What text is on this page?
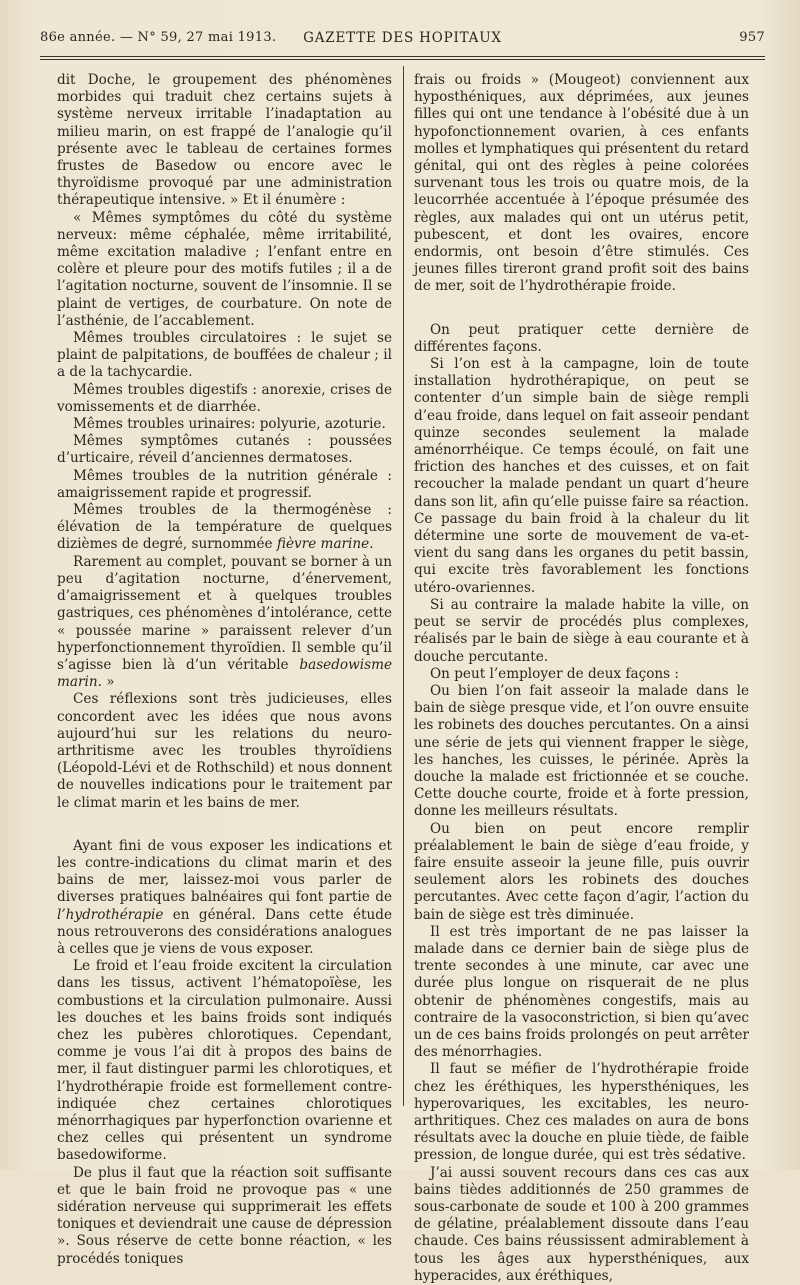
86e année. — N° 59, 27 mai 1913.	GAZETTE DES HOPITAUX	957

dit Doche, le groupement des phénomènes morbides qui traduit chez certains sujets à système nerveux irritable l’inadaptation au milieu marin, on est frappé de l’analogie qu’il présente avec le tableau de certaines formes frustes de Basedow ou encore avec le thyroïdisme provoqué par une administration thérapeutique intensive. » Et il énumère :

« Mêmes symptômes du côté du système nerveux: même céphalée, même irritabilité, même excitation maladive ; l’enfant entre en colère et pleure pour des motifs futiles ; il a de l’agitation nocturne, souvent de l’insomnie. Il se plaint de vertiges, de courbature. On note de l’asthénie, de l’accablement.

Mêmes troubles circulatoires : le sujet se plaint de palpitations, de bouffées de chaleur ; il a de la tachycardie.

Mêmes troubles digestifs : anorexie, crises de vomissements et de diarrhée.

Mêmes troubles urinaires: polyurie, azoturie.

Mêmes symptômes cutanés : poussées d’urticaire, réveil d’anciennes dermatoses.

Mêmes troubles de la nutrition générale : amaigrissement rapide et progressif.

Mêmes troubles de la thermogénèse : élévation de la température de quelques dizièmes de degré, surnommée fièvre marine.

Rarement au complet, pouvant se borner à un peu d’agitation nocturne, d’énervement, d’amaigrissement et à quelques troubles gastriques, ces phénomènes d’intolérance, cette « poussée marine » paraissent relever d’un hyperfonctionnement thyroïdien. Il semble qu’il s’agisse bien là d’un véritable basedowisme marin. »

Ces réflexions sont très judicieuses, elles concordent avec les idées que nous avons aujourd’hui sur les relations du neuro-arthritisme avec les troubles thyroïdiens (Léopold-Lévi et de Rothschild) et nous donnent de nouvelles indications pour le traitement par le climat marin et les bains de mer.

Ayant fini de vous exposer les indications et les contre-indications du climat marin et des bains de mer, laissez-moi vous parler de diverses pratiques balnéaires qui font partie de l’hydrothérapie en général. Dans cette étude nous retrouverons des considérations analogues à celles que je viens de vous exposer.

Le froid et l’eau froide excitent la circulation dans les tissus, activent l’hématopoïèse, les combustions et la circulation pulmonaire. Aussi les douches et les bains froids sont indiqués chez les pubères chlorotiques. Cependant, comme je vous l’ai dit à propos des bains de mer, il faut distinguer parmi les chlorotiques, et l’hydrothérapie froide est formellement contre-indiquée chez certaines chlorotiques ménorrhagiques par hyperfonction ovarienne et chez celles qui présentent un syndrome basedowiforme.

De plus il faut que la réaction soit suffisante et que le bain froid ne provoque pas « une sidération nerveuse qui supprimerait les effets toniques et deviendrait une cause de dépression ». Sous réserve de cette bonne réaction, « les procédés toniques

frais ou froids » (Mougeot) conviennent aux hyposthéniques, aux déprimées, aux jeunes filles qui ont une tendance à l’obésité due à un hypofonctionnement ovarien, à ces enfants molles et lymphatiques qui présentent du retard génital, qui ont des règles à peine colorées survenant tous les trois ou quatre mois, de la leucorrhée accentuée à l’époque présumée des règles, aux malades qui ont un utérus petit, pubescent, et dont les ovaires, encore endormis, ont besoin d’être stimulés. Ces jeunes filles tireront grand profit soit des bains de mer, soit de l’hydrothérapie froide.

On peut pratiquer cette dernière de différentes façons.

Si l’on est à la campagne, loin de toute installation hydrothérapique, on peut se contenter d’un simple bain de siège rempli d’eau froide, dans lequel on fait asseoir pendant quinze secondes seulement la malade aménorrhéique. Ce temps écoulé, on fait une friction des hanches et des cuisses, et on fait recoucher la malade pendant un quart d’heure dans son lit, afin qu’elle puisse faire sa réaction. Ce passage du bain froid à la chaleur du lit détermine une sorte de mouvement de va-et-vient du sang dans les organes du petit bassin, qui excite très favorablement les fonctions utéro-ovariennes.

Si au contraire la malade habite la ville, on peut se servir de procédés plus complexes, réalisés par le bain de siège à eau courante et à douche percutante.

On peut l’employer de deux façons :

Ou bien l’on fait asseoir la malade dans le bain de siège presque vide, et l’on ouvre ensuite les robinets des douches percutantes. On a ainsi une série de jets qui viennent frapper le siège, les hanches, les cuisses, le périnée. Après la douche la malade est frictionnée et se couche. Cette douche courte, froide et à forte pression, donne les meilleurs résultats.

Ou bien on peut encore remplir préalablement le bain de siège d’eau froide, y faire ensuite asseoir la jeune fille, puis ouvrir seulement alors les robinets des douches percutantes. Avec cette façon d’agir, l’action du bain de siège est très diminuée.

Il est très important de ne pas laisser la malade dans ce dernier bain de siège plus de trente secondes à une minute, car avec une durée plus longue on risquerait de ne plus obtenir de phénomènes congestifs, mais au contraire de la vasoconstriction, si bien qu’avec un de ces bains froids prolongés on peut arrêter des ménorrhagies.

Il faut se méfier de l’hydrothérapie froide chez les éréthiques, les hypersthéniques, les hyperovariques, les excitables, les neuro-arthritiques. Chez ces malades on aura de bons résultats avec la douche en pluie tiède, de faible pression, de longue durée, qui est très sédative.

J’ai aussi souvent recours dans ces cas aux bains tièdes additionnés de 250 grammes de sous-carbonate de soude et 100 à 200 grammes de gélatine, préalablement dissoute dans l’eau chaude. Ces bains réussissent admirablement à tous les âges aux hypersthéniques, aux hyperacides, aux éréthiques,
